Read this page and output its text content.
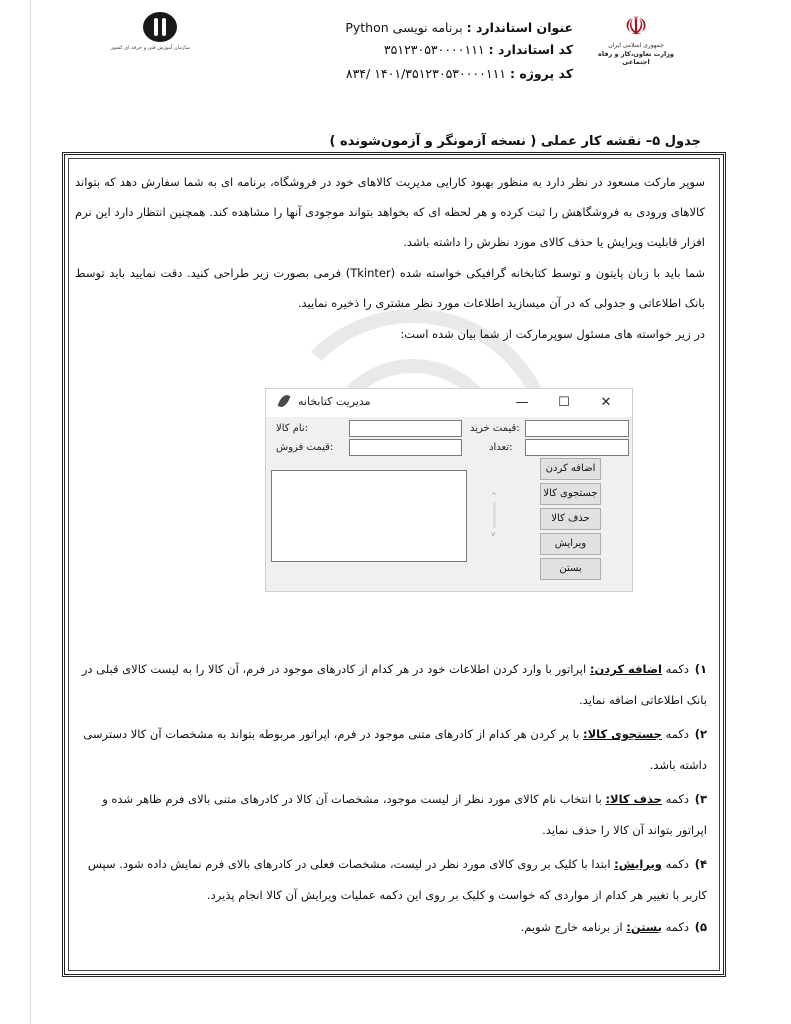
سازمان آموزش فنی و حرفه ای کشور
☫
جمهوری اسلامی ایران
وزارت تعاون،کار و رفاه اجتماعی
عنوان استاندارد : برنامه نویسی Python
کد استاندارد : ۳۵۱۲۳۰۵۳۰۰۰۰۱۱۱
کد پروژه : ۱۴۰۱/۳۵۱۲۳۰۵۳۰۰۰۰۱۱۱ /۸۳۴
جدول ۵– نقشه کار عملی ( نسخه آزمونگر و آزمون‌شونده )
سوپر مارکت مسعود در نظر دارد به منظور بهبود کارایی مدیریت کالاهای خود در فروشگاه، برنامه ای به شما سفارش دهد که بتواند کالاهای ورودی به فروشگاهش را ثبت کرده و هر لحظه ای که بخواهد بتواند موجودی آنها را مشاهده کند. همچنین انتظار دارد این نرم افزار قابلیت ویرایش یا حذف کالای مورد نظرش را داشته باشد.
شما باید با زبان پایتون و توسط کتابخانه گرافیکی خواسته شده (Tkinter) فرمی بصورت زیر طراحی کنید. دقت نمایید باید توسط بانک اطلاعاتی و جدولی که در آن میسازید اطلاعات مورد نظر مشتری را ذخیره نمایید.
در زیر خواسته های مسئول سوپرمارکت از شما بیان شده است:
۱)دکمه اضافه کردن: اپراتور با وارد کردن اطلاعات خود در هر کدام از کادرهای موجود در فرم، آن کالا را به لیست کالای قبلی در بانک اطلاعاتی اضافه نماید.
۲)دکمه جستجوی کالا: با پر کردن هر کدام از کادرهای متنی موجود در فرم، اپراتور مربوطه بتواند به مشخصات آن کالا دسترسی داشته باشد.
۳)دکمه حذف کالا: با انتخاب نام کالای مورد نظر از لیست موجود، مشخصات آن کالا در کادرهای متنی بالای فرم ظاهر شده و اپراتور بتواند آن کالا را حذف نماید.
۴)دکمه ویرایش: ابتدا با کلیک بر روی کالای مورد نظر در لیست، مشخصات فعلی در کادرهای بالای فرم نمایش داده شود. سپس کاربر با تغییر هر کدام از مواردی که خواست و کلیک بر روی این دکمه عملیات ویرایش آن کالا انجام پذیرد.
۵)دکمه بستن: از برنامه خارج شویم.
مدیریت کتابخانه	—	☐	✕
:نام کالا	:قیمت خرید
:قیمت فروش	:تعداد
^
v
اضافه کردن
جستجوی کالا
حذف کالا
ویرایش
بستن
